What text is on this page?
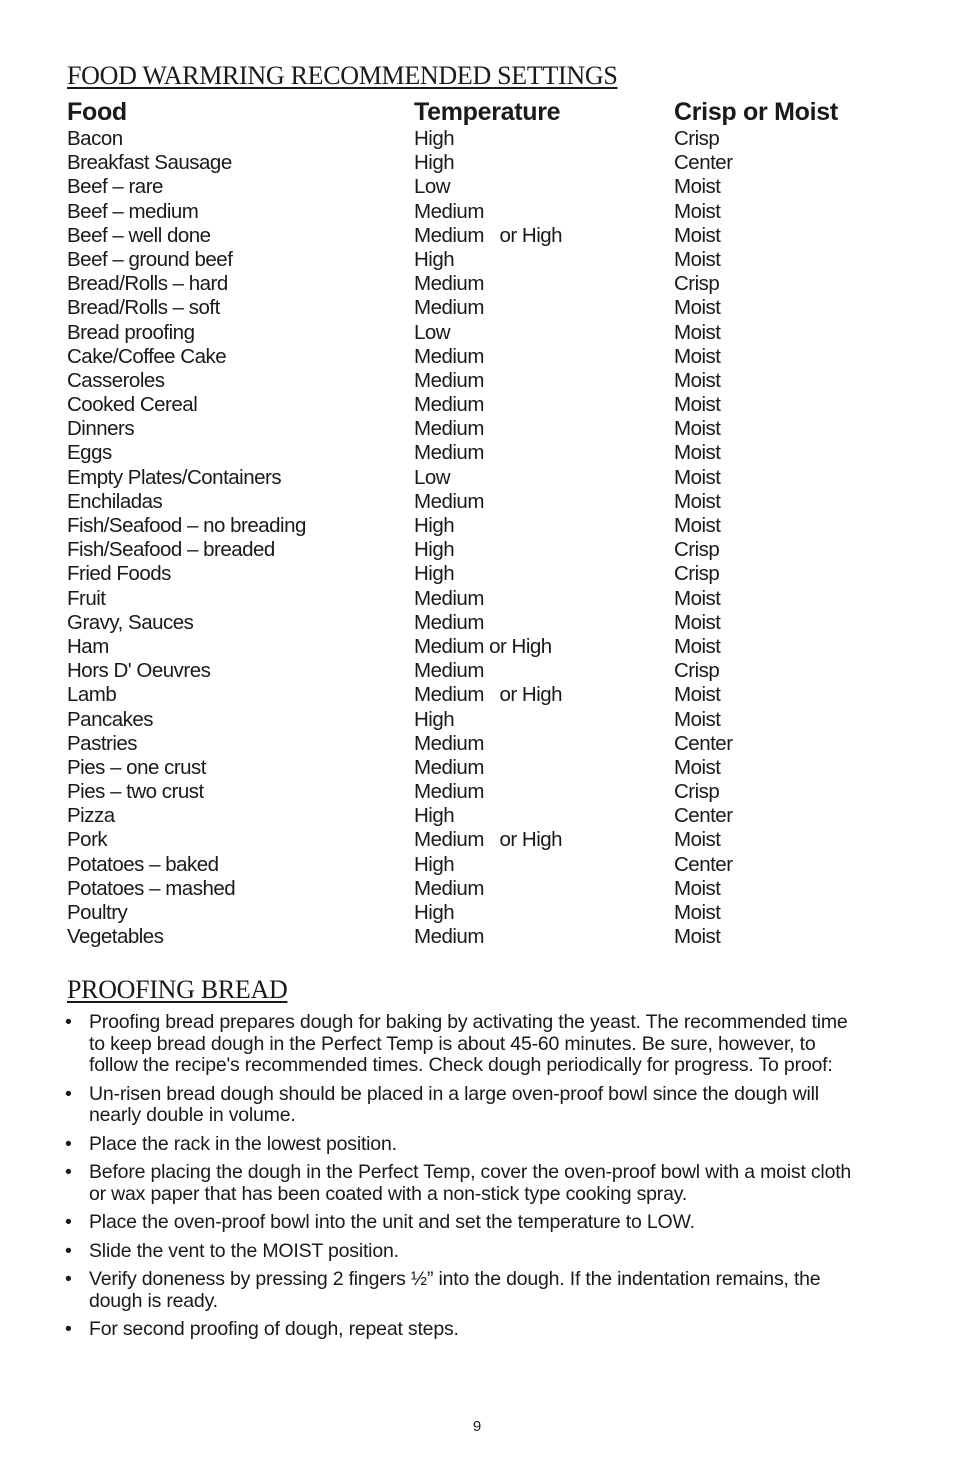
FOOD WARMRING RECOMMENDED SETTINGS
Food	Temperature	Crisp or Moist
Bacon	High	Crisp
Breakfast Sausage	High	Center
Beef – rare	Low	Moist
Beef – medium	Medium	Moist
Beef – well done	Medium   or High	Moist
Beef – ground beef	High	Moist
Bread/Rolls – hard	Medium	Crisp
Bread/Rolls – soft	Medium	Moist
Bread proofing	Low	Moist
Cake/Coffee Cake	Medium	Moist
Casseroles	Medium	Moist
Cooked Cereal	Medium	Moist
Dinners	Medium	Moist
Eggs	Medium	Moist
Empty Plates/Containers	Low	Moist
Enchiladas	Medium	Moist
Fish/Seafood – no breading	High	Moist
Fish/Seafood – breaded	High	Crisp
Fried Foods	High	Crisp
Fruit	Medium	Moist
Gravy, Sauces	Medium	Moist
Ham	Medium or High	Moist
Hors D' Oeuvres	Medium	Crisp
Lamb	Medium   or High	Moist
Pancakes	High	Moist
Pastries	Medium	Center
Pies – one crust	Medium	Moist
Pies – two crust	Medium	Crisp
Pizza	High	Center
Pork	Medium   or High	Moist
Potatoes – baked	High	Center
Potatoes – mashed	Medium	Moist
Poultry	High	Moist
Vegetables	Medium	Moist
PROOFING BREAD
• Proofing bread prepares dough for baking by activating the yeast. The recommended time to keep bread dough in the Perfect Temp is about 45-60 minutes. Be sure, however, to follow the recipe's recommended times. Check dough periodically for progress. To proof:
• Un-risen bread dough should be placed in a large oven-proof bowl since the dough will nearly double in volume.
• Place the rack in the lowest position.
• Before placing the dough in the Perfect Temp, cover the oven-proof bowl with a moist cloth or wax paper that has been coated with a non-stick type cooking spray.
• Place the oven-proof bowl into the unit and set the temperature to LOW.
• Slide the vent to the MOIST position.
• Verify doneness by pressing 2 fingers ½” into the dough. If the indentation remains, the dough is ready.
• For second proofing of dough, repeat steps.
9
